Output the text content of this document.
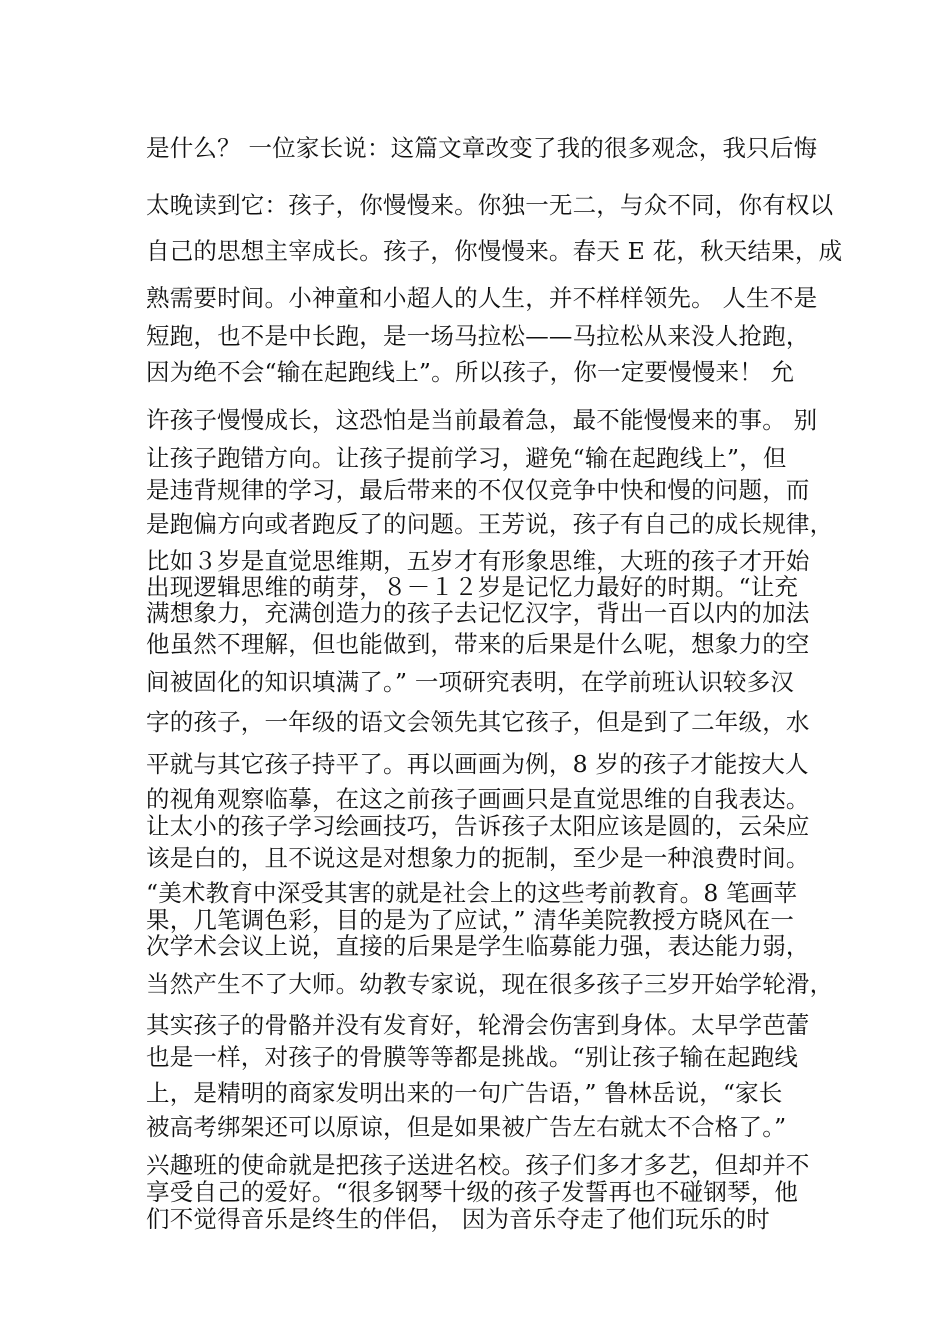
是什么？ 一位家长说：这篇文章改变了我的很多观念，我只后悔
太晚读到它：孩子，你慢慢来。你独一无二，与众不同，你有权以
自己的思想主宰成长。孩子，你慢慢来。春天 E 花，秋天结果，成
熟需要时间。小神童和小超人的人生，并不样样领先。 人生不是
短跑，也不是中长跑，是一场马拉松——马拉松从来没人抢跑，
因为绝不会“输在起跑线上”。所以孩子，你一定要慢慢来！ 允
许孩子慢慢成长，这恐怕是当前最着急，最不能慢慢来的事。 别
让孩子跑错方向。让孩子提前学习，避免“输在起跑线上”，但
是违背规律的学习，最后带来的不仅仅竞争中快和慢的问题，而
是跑偏方向或者跑反了的问题。王芳说，孩子有自己的成长规律，
比如３岁是直觉思维期，五岁才有形象思维，大班的孩子才开始
出现逻辑思维的萌芽，８－１２岁是记忆力最好的时期。“让充
满想象力，充满创造力的孩子去记忆汉字，背出一百以内的加法
他虽然不理解，但也能做到，带来的后果是什么呢，想象力的空
间被固化的知识填满了。” 一项研究表明，在学前班认识较多汉
字的孩子，一年级的语文会领先其它孩子，但是到了二年级，水
平就与其它孩子持平了。再以画画为例，8 岁的孩子才能按大人
的视角观察临摹，在这之前孩子画画只是直觉思维的自我表达。
让太小的孩子学习绘画技巧，告诉孩子太阳应该是圆的，云朵应
该是白的，且不说这是对想象力的扼制，至少是一种浪费时间。
“美术教育中深受其害的就是社会上的这些考前教育。8 笔画苹
果，几笔调色彩，目的是为了应试，” 清华美院教授方晓风在一
次学术会议上说，直接的后果是学生临募能力强，表达能力弱，
当然产生不了大师。幼教专家说，现在很多孩子三岁开始学轮滑，
其实孩子的骨骼并没有发育好，轮滑会伤害到身体。太早学芭蕾
也是一样，对孩子的骨膜等等都是挑战。“别让孩子输在起跑线
上，是精明的商家发明出来的一句广告语，” 鲁林岳说，“家长
被高考绑架还可以原谅，但是如果被广告左右就太不合格了。”
兴趣班的使命就是把孩子送进名校。孩子们多才多艺，但却并不
享受自己的爱好。“很多钢琴十级的孩子发誓再也不碰钢琴，他
们不觉得音乐是终生的伴侣， 因为音乐夺走了他们玩乐的时
